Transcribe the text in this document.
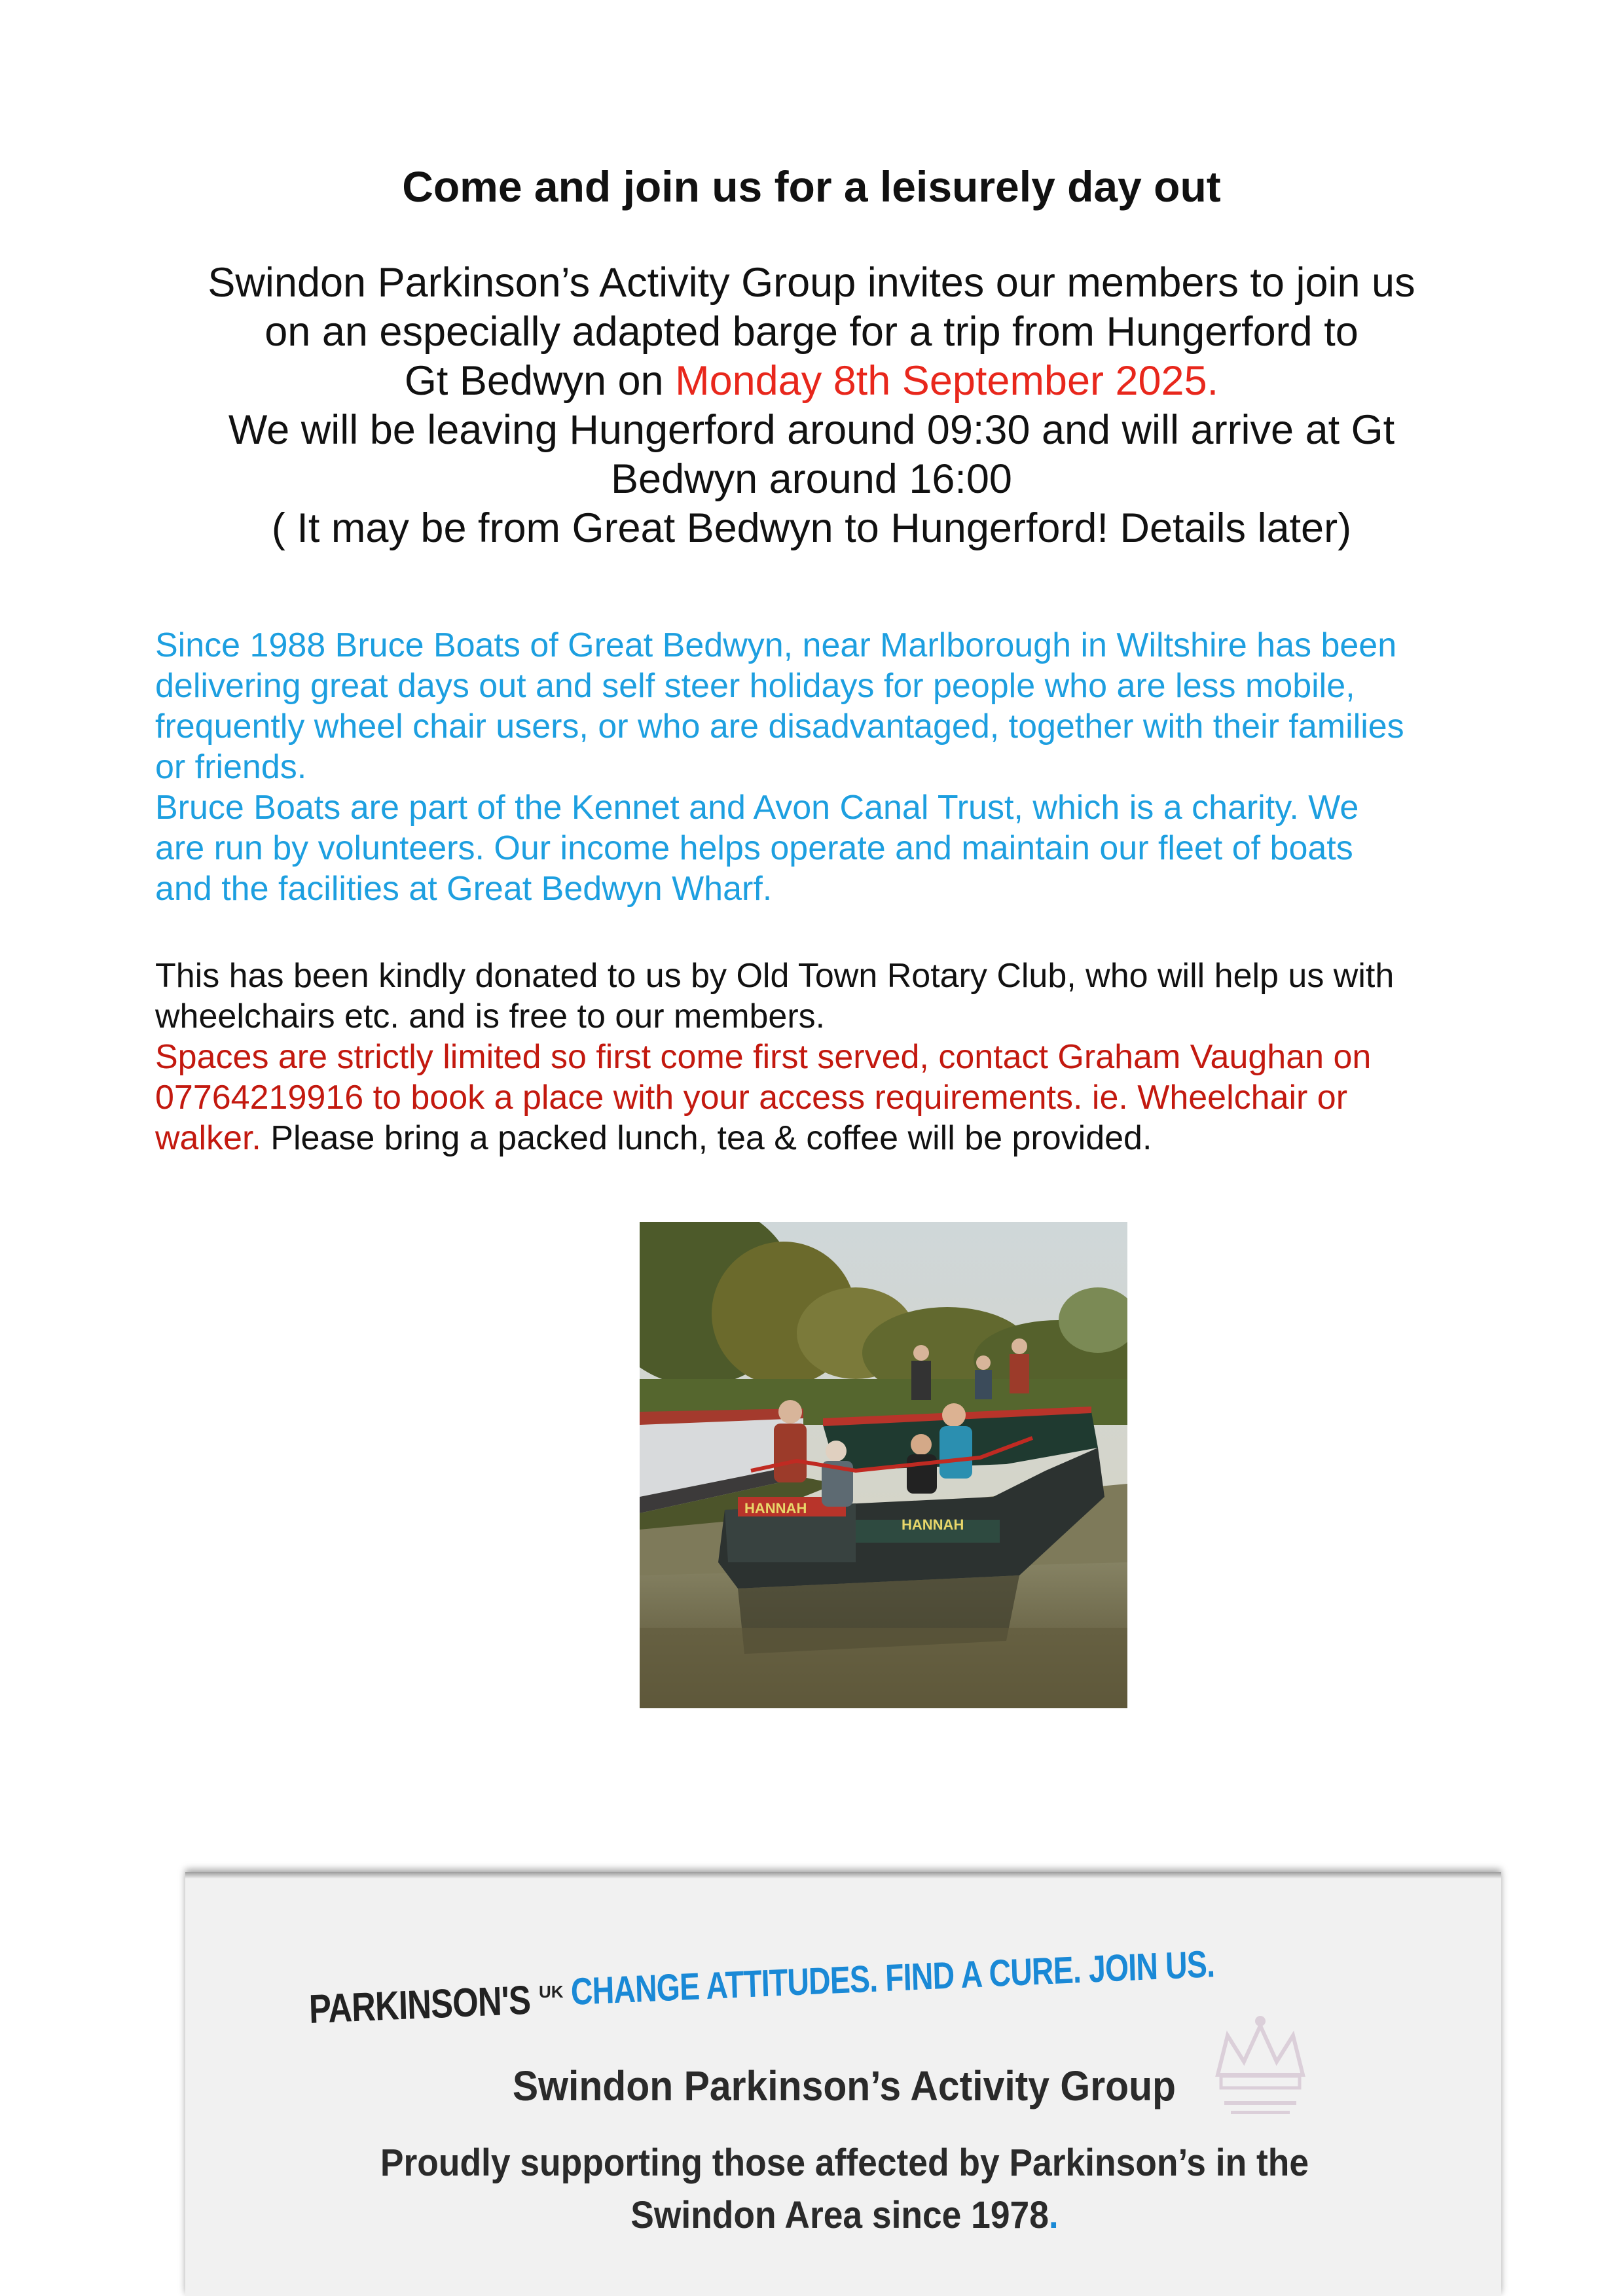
Come and join us for a leisurely day out
Swindon Parkinson’s Activity Group invites our members to join us
on an especially adapted barge for a trip from Hungerford to
Gt Bedwyn on Monday 8th September 2025.
We will be leaving Hungerford around 09:30 and will arrive at Gt
Bedwyn around 16:00
( It may be from Great Bedwyn to Hungerford! Details later)
Since 1988 Bruce Boats of Great Bedwyn, near Marlborough in Wiltshire has been
delivering great days out and self steer holidays for people who are less mobile,
frequently wheel chair users, or who are disadvantaged, together with their families
or friends.
Bruce Boats are part of the Kennet and Avon Canal Trust, which is a charity. We
are run by volunteers. Our income helps operate and maintain our fleet of boats
and the facilities at Great Bedwyn Wharf.
This has been kindly donated to us by Old Town Rotary Club, who will help us with
wheelchairs etc. and is free to our members.
Spaces are strictly limited so first come first served, contact Graham Vaughan on
07764219916 to book a place with your access requirements. ie. Wheelchair or
walker. Please bring a packed lunch, tea & coffee will be provided.
HANNAH
HANNAH
PARKINSON'S UK CHANGE ATTITUDES. FIND A CURE. JOIN US.
Swindon Parkinson’s Activity Group
Proudly supporting those affected by Parkinson’s in the
Swindon Area since 1978.
